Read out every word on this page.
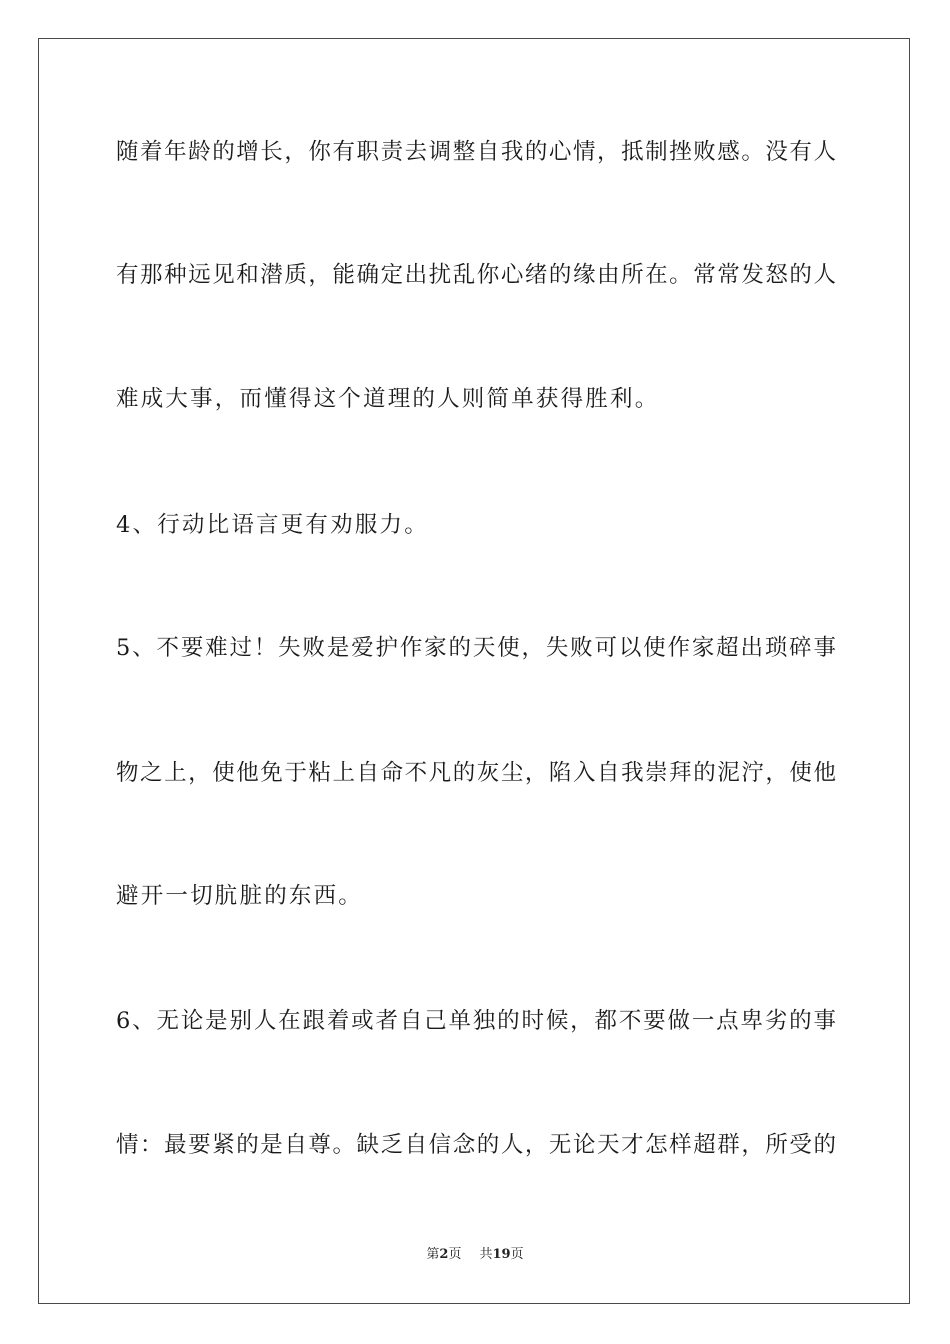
随着年龄的增长，你有职责去调整自我的心情，抵制挫败感。没有人
有那种远见和潜质，能确定出扰乱你心绪的缘由所在。常常发怒的人
难成大事，而懂得这个道理的人则简单获得胜利。
4、行动比语言更有劝服力。
5、不要难过！失败是爱护作家的天使，失败可以使作家超出琐碎事
物之上，使他免于粘上自命不凡的灰尘，陷入自我崇拜的泥泞，使他
避开一切肮脏的东西。
6、无论是别人在跟着或者自己单独的时候，都不要做一点卑劣的事
情：最要紧的是自尊。缺乏自信念的人，无论天才怎样超群，所受的
第2页 共19页
